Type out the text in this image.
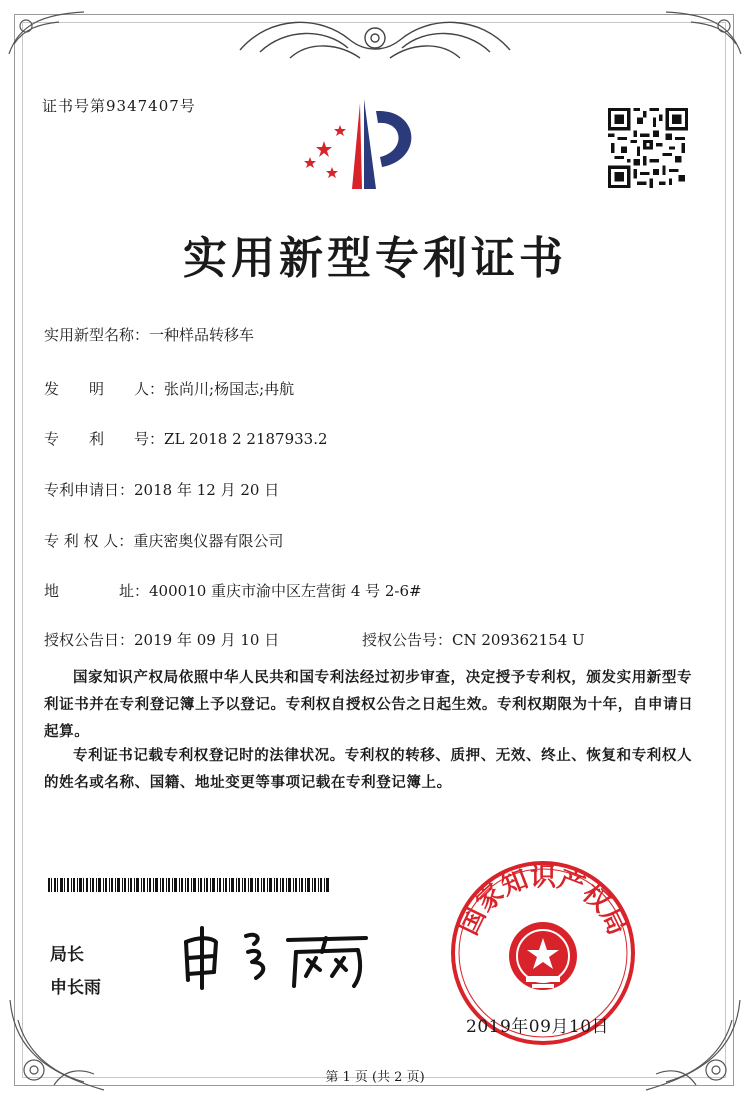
证书号第9347407号
实用新型专利证书
实用新型名称：一种样品转移车
发　　明　　人：张尚川;杨国志;冉航
专　　利　　号：ZL 2018 2 2187933.2
专利申请日：2018 年 12 月 20 日
专 利 权 人：重庆密奥仪器有限公司
地　　　　址：400010 重庆市渝中区左营街 4 号 2-6#
授权公告日：2019 年 09 月 10 日	授权公告号：CN 209362154 U
国家知识产权局依照中华人民共和国专利法经过初步审查，决定授予专利权，颁发实用新型专利证书并在专利登记簿上予以登记。专利权自授权公告之日起生效。专利权期限为十年，自申请日起算。
专利证书记载专利权登记时的法律状况。专利权的转移、质押、无效、终止、恢复和专利权人的姓名或名称、国籍、地址变更等事项记载在专利登记簿上。
局长
申长雨
国家知识产权局
2019年09月10日
第 1 页 (共 2 页)
